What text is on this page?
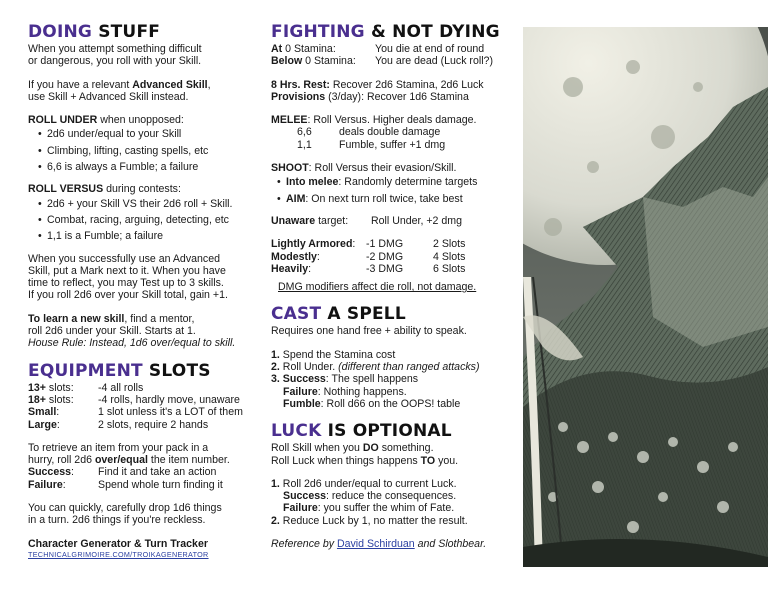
DOING STUFF

When you attempt something difficult

or dangerous, you roll with your Skill.

If you have a relevant Advanced Skill,

use Skill + Advanced Skill instead.

ROLL UNDER when unopposed:

• 2d6 under/equal to your Skill
• Climbing, lifting, casting spells, etc
• 6,6 is always a Fumble; a failure

ROLL VERSUS during contests:

• 2d6 + your Skill VS their 2d6 roll + Skill.
• Combat, racing, arguing, detecting, etc
• 1,1 is a Fumble; a failure

When you successfully use an Advanced

Skill, put a Mark next to it. When you have

time to reflect, you may Test up to 3 skills.

If you roll 2d6 over your Skill total, gain +1.

To learn a new skill, find a mentor,

roll 2d6 under your Skill. Starts at 1.

House Rule: Instead, 1d6 over/equal to skill.

EQUIPMENT SLOTS
13+ slots:	-4 all rolls
18+ slots:	-4 rolls, hardly move, unaware
Small:	1 slot unless it's a LOT of them
Large:	2 slots, require 2 hands

To retrieve an item from your pack in a

hurry, roll 2d6 over/equal the item number.

Success:	Find it and take an action
Failure:	Spend whole turn finding it

You can quickly, carefully drop 1d6 things

in a turn. 2d6 things if you're reckless.

Character Generator & Turn Tracker

TECHNICALGRIMOIRE.COM/TROIKAGENERATOR
FIGHTING & NOT DYING
At 0 Stamina:	You die at end of round
Below 0 Stamina:	You are dead (Luck roll?)

8 Hrs. Rest: Recover 2d6 Stamina, 2d6 Luck

Provisions (3/day): Recover 1d6 Stamina

MELEE: Roll Versus. Higher deals damage.

6,6	deals double damage
1,1	Fumble, suffer +1 dmg

SHOOT: Roll Versus their evasion/Skill.

• Into melee: Randomly determine targets
• AIM: On next turn roll twice, take best
Unaware target:	Roll Under, +2 dmg
Lightly Armored:	-1 DMG	2 Slots
Modestly:	-2 DMG	4 Slots
Heavily:	-3 DMG	6 Slots

DMG modifiers affect die roll, not damage.

CAST A SPELL

Requires one hand free + ability to speak.

1. Spend the Stamina cost

2. Roll Under. (different than ranged attacks)

3. Success: The spell happens

Failure: Nothing happens.

Fumble: Roll d66 on the OOPS! table

LUCK IS OPTIONAL

Roll Skill when you DO something.

Roll Luck when things happens TO you.

1. Roll 2d6 under/equal to current Luck.

Success: reduce the consequences.

Failure: you suffer the whim of Fate.

2. Reduce Luck by 1, no matter the result.

Reference by David Schirduan and Slothbear.
